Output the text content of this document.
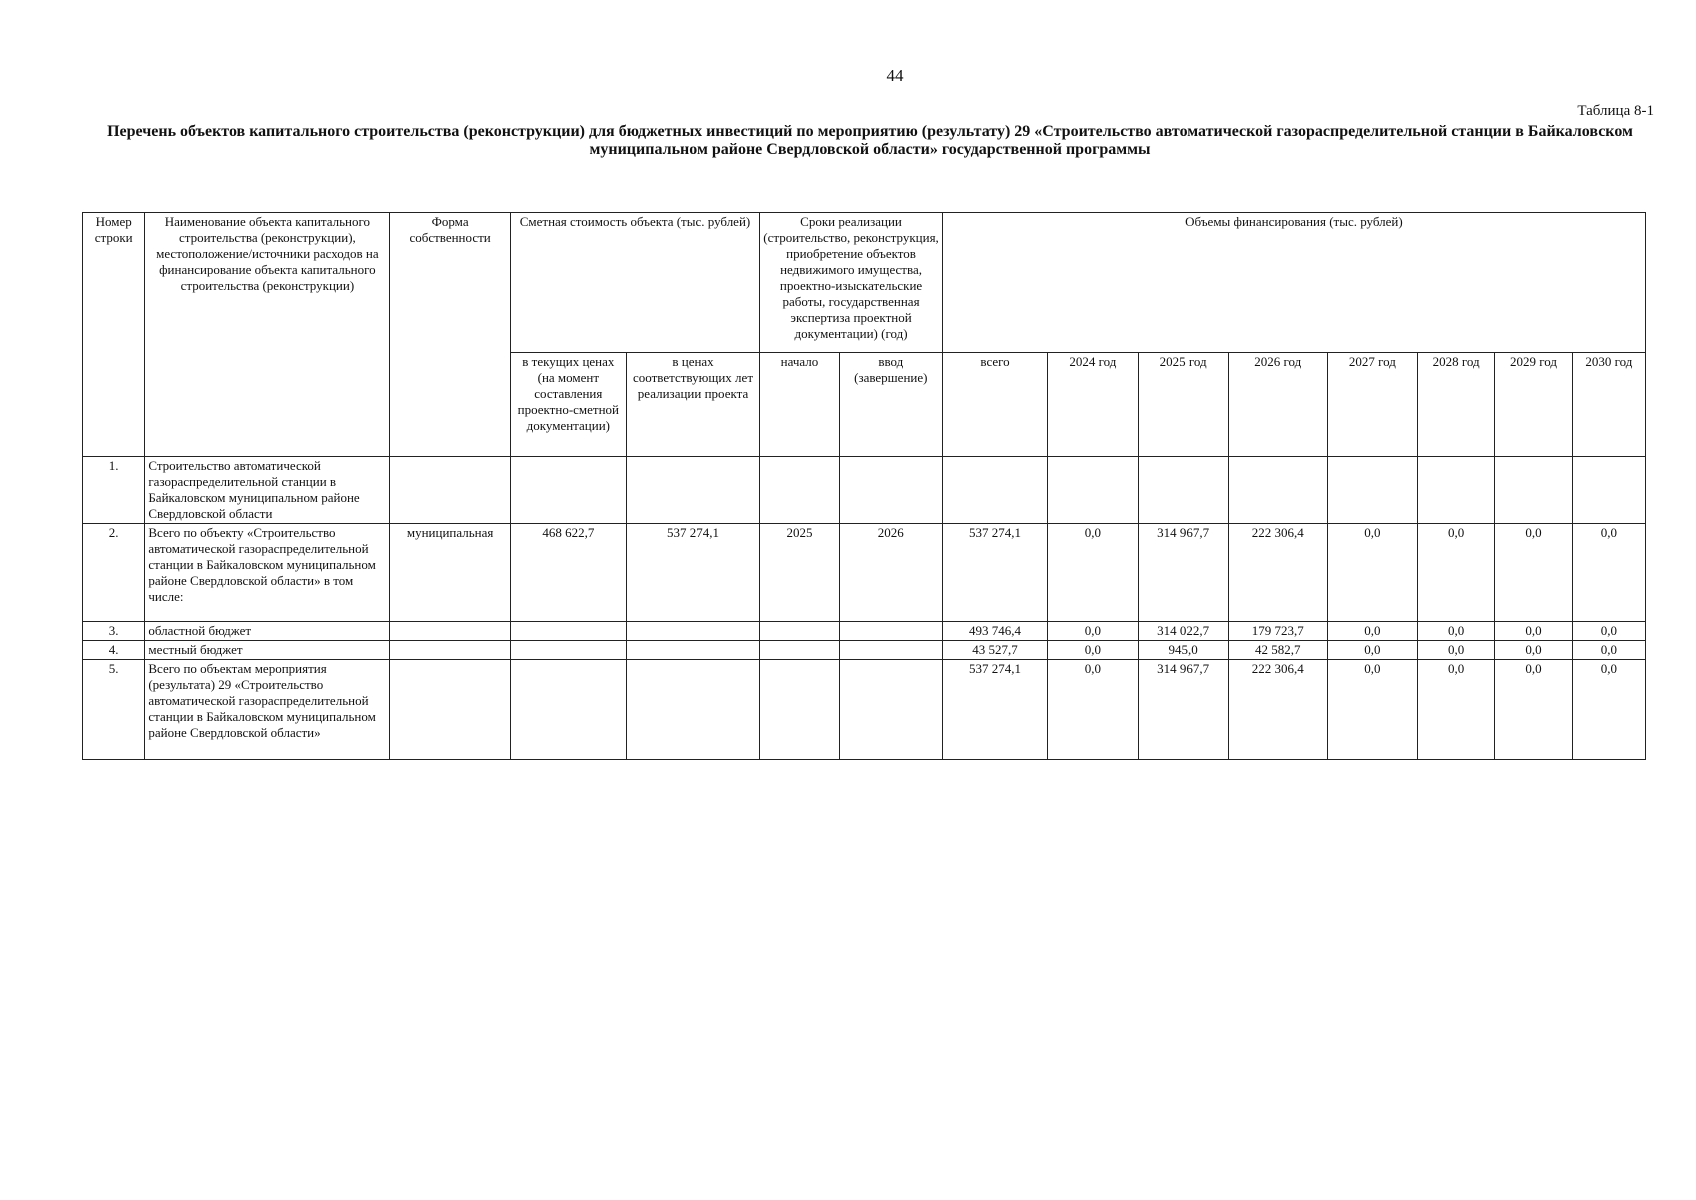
44
Таблица 8-1
Перечень объектов капитального строительства (реконструкции) для бюджетных инвестиций по мероприятию (результату) 29 «Строительство автоматической газораспределительной станции в Байкаловском муниципальном районе Свердловской области» государственной программы
Номер строки	Наименование объекта капитального строительства (реконструкции), местоположение/источники расходов на финансирование объекта капитального строительства (реконструкции)	Форма собственности	Сметная стоимость объекта (тыс. рублей)		Сроки реализации (строительство, реконструкция, приобретение объектов недвижимого имущества, проектно-изыскательские работы, государственная экспертиза проектной документации) (год)		Объемы финансирования (тыс. рублей)							
			в текущих ценах (на момент составления проектно-сметной документации)	в ценах соответствующих лет реализации проекта	начало	ввод (завершение)	всего	2024 год	2025 год	2026 год	2027 год	2028 год	2029 год	2030 год
1.	Строительство автоматической газораспределительной станции в Байкаловском муниципальном районе Свердловской области													
2.	Всего по объекту «Строительство автоматической газораспределительной станции в Байкаловском муниципальном районе Свердловской области» в том числе:	муниципальная	468 622,7	537 274,1	2025	2026	537 274,1	0,0	314 967,7	222 306,4	0,0	0,0	0,0	0,0
3.	областной бюджет						493 746,4	0,0	314 022,7	179 723,7	0,0	0,0	0,0	0,0
4.	местный бюджет						43 527,7	0,0	945,0	42 582,7	0,0	0,0	0,0	0,0
5.	Всего по объектам мероприятия (результата) 29 «Строительство автоматической газораспределительной станции в Байкаловском муниципальном районе Свердловской области»						537 274,1	0,0	314 967,7	222 306,4	0,0	0,0	0,0	0,0
